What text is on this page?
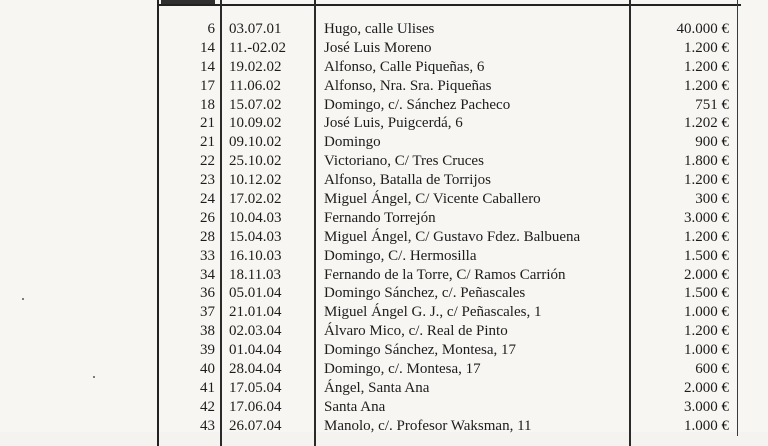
6 03.07.01	Hugo, calle Ulises	40.000 €
14 11.-02.02	José Luis Moreno	1.200 €
14 19.02.02	Alfonso, Calle Piqueñas, 6	1.200 €
17 11.06.02	Alfonso, Nra. Sra. Piqueñas	1.200 €
18 15.07.02	Domingo, c/. Sánchez Pacheco	751 €
21 10.09.02	José Luis, Puigcerdá, 6	1.202 €
21 09.10.02	Domingo	900 €
22 25.10.02	Victoriano, C/ Tres Cruces	1.800 €
23 10.12.02	Alfonso, Batalla de Torrijos	1.200 €
24 17.02.02	Miguel Ángel, C/ Vicente Caballero	300 €
26 10.04.03	Fernando Torrejón	3.000 €
28 15.04.03	Miguel Ángel, C/ Gustavo Fdez. Balbuena	1.200 €
33 16.10.03	Domingo, C/. Hermosilla	1.500 €
34 18.11.03	Fernando de la Torre, C/ Ramos Carrión	2.000 €
36 05.01.04	Domingo Sánchez, c/. Peñascales	1.500 €
37 21.01.04	Miguel Ángel G. J., c/ Peñascales, 1	1.000 €
38 02.03.04	Álvaro Mico, c/. Real de Pinto	1.200 €
39 01.04.04	Domingo Sánchez, Montesa, 17	1.000 €
40 28.04.04	Domingo, c/. Montesa, 17	600 €
41 17.05.04	Ángel, Santa Ana	2.000 €
42 17.06.04	Santa Ana	3.000 €
43 26.07.04	Manolo, c/. Profesor Waksman, 11	1.000 €
